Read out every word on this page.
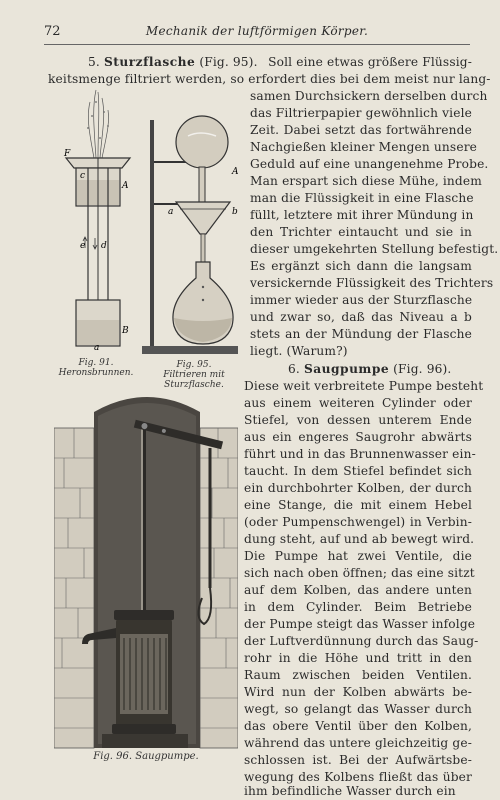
72	Mechanik der luftförmigen Körper.
5. Sturzflasche (Fig. 95). Soll eine etwas größere Flüssig-
keitsmenge filtriert werden, so erfordert dies bei dem meist nur lang-
samen Durchsickern derselben durch
das Filtrierpapier gewöhnlich viele
Zeit. Dabei setzt das fortwährende
Nachgießen kleiner Mengen unsere
Geduld auf eine unangenehme Probe.
Man erspart sich diese Mühe, indem
man die Flüssigkeit in eine Flasche
füllt, letztere mit ihrer Mündung in
den Trichter eintaucht und sie in
dieser umgekehrten Stellung befestigt.
Es ergänzt sich dann die langsam
versickernde Flüssigkeit des Trichters
immer wieder aus der Sturzflasche
und zwar so, daß das Niveau a b
stets an der Mündung der Flasche
liegt. (Warum?)
6. Saugpumpe (Fig. 96).
Diese weit verbreitete Pumpe besteht
aus einem weiteren Cylinder oder
Stiefel, von dessen unterem Ende
aus ein engeres Saugrohr abwärts
führt und in das Brunnenwasser ein-
taucht. In dem Stiefel befindet sich
ein durchbohrter Kolben, der durch
eine Stange, die mit einem Hebel
(oder Pumpenschwengel) in Verbin-
dung steht, auf und ab bewegt wird.
Die Pumpe hat zwei Ventile, die
sich nach oben öffnen; das eine sitzt
auf dem Kolben, das andere unten
in dem Cylinder. Beim Betriebe
der Pumpe steigt das Wasser infolge
der Luftverdünnung durch das Saug-
rohr in die Höhe und tritt in den
Raum zwischen beiden Ventilen.
Wird nun der Kolben abwärts be-
wegt, so gelangt das Wasser durch
das obere Ventil über den Kolben,
während das untere gleichzeitig ge-
schlossen ist. Bei der Aufwärtsbe-
wegung des Kolbens fließt das über
ihm befindliche Wasser durch ein
F
c
A
e d
B
a
Fig. 91.
Heronsbrunnen.
A
a	b
Fig. 95.
Filtrieren mit
Sturzflasche.
Fig. 96. Saugpumpe.
